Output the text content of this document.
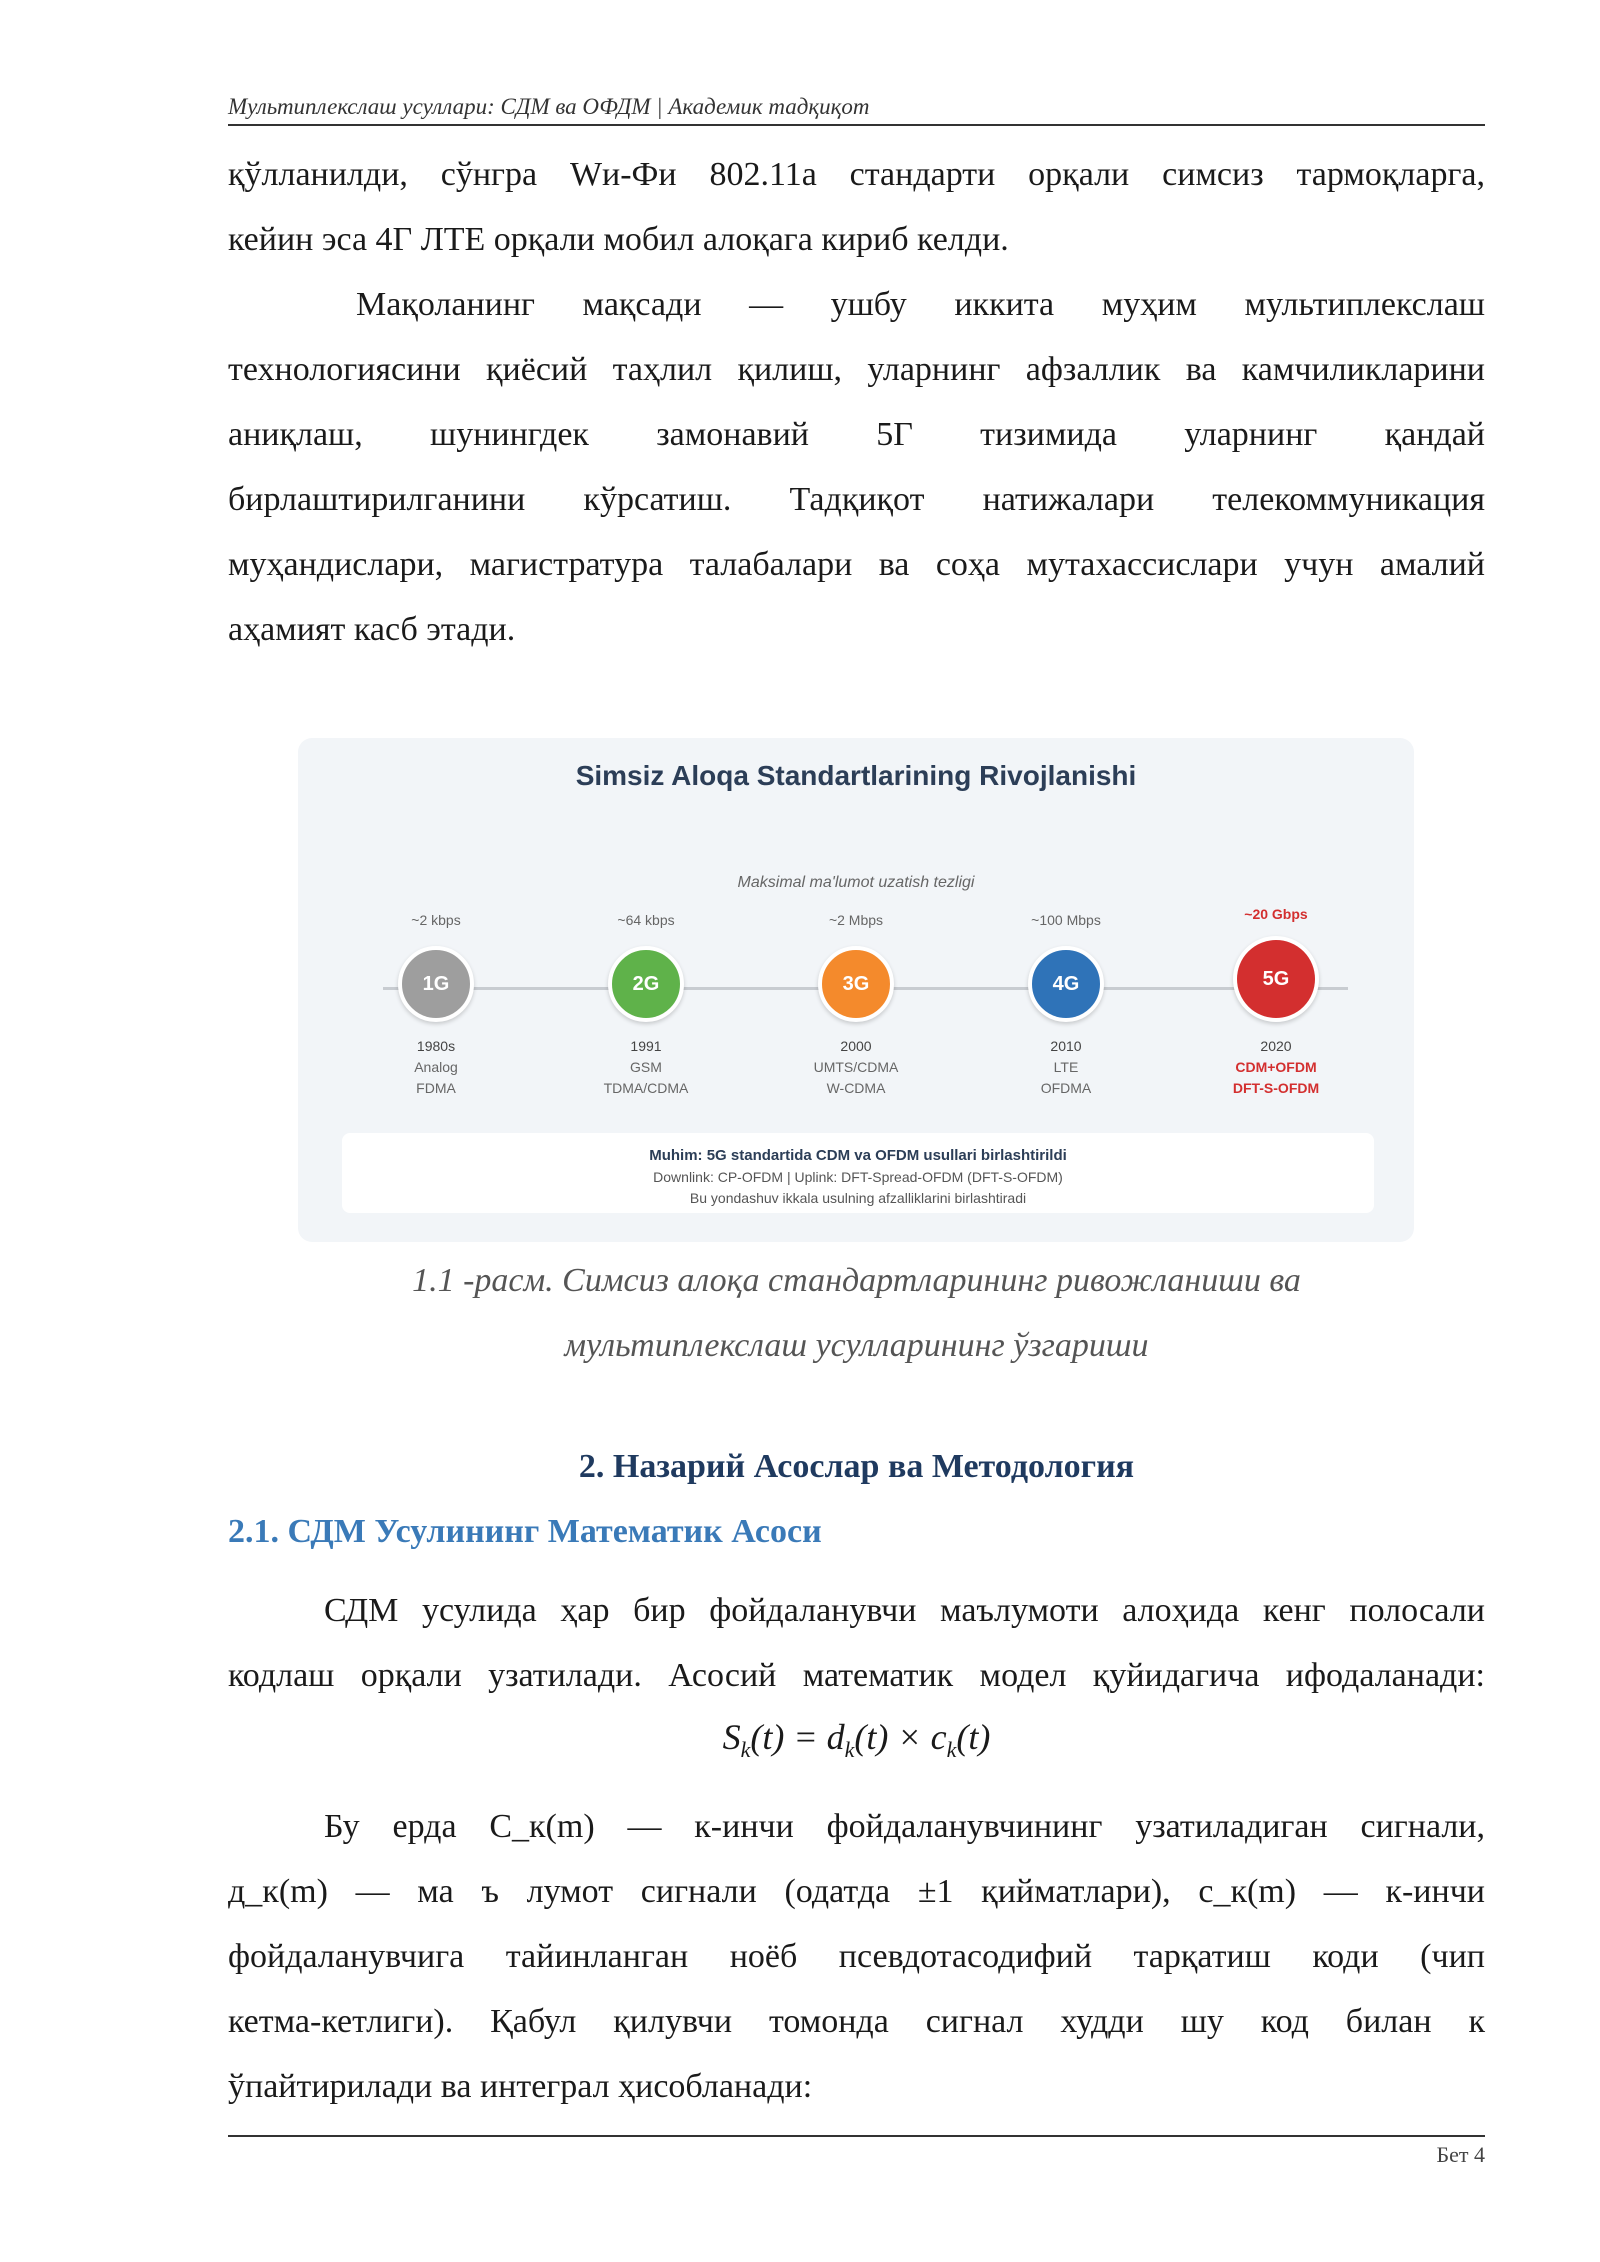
Мультиплекслаш усуллари: СДМ ва ОФДМ | Академик тадқиқот
қўлланилди, сўнгра Wи-Фи 802.11а стандарти орқали симсиз тармоқларга,
кейин эса 4Г ЛТЕ орқали мобил алоқага кириб келди.
Мақоланинг мақсади — ушбу иккита муҳим мультиплекслаш
технологиясини қиёсий таҳлил қилиш, уларнинг афзаллик ва камчиликларини
аниқлаш, шунингдек замонавий 5Г тизимида уларнинг қандай
бирлаштирилганини кўрсатиш. Тадқиқот натижалари телекоммуникация
муҳандислари, магистратура талабалари ва соҳа мутахассислари учун амалий
аҳамият касб этади.
Simsiz Aloqa Standartlarining Rivojlanishi
Maksimal ma'lumot uzatish tezligi
~2 kbps
1G
1980s
Analog
FDMA
~64 kbps
2G
1991
GSM
TDMA/CDMA
~2 Mbps
3G
2000
UMTS/CDMA
W-CDMA
~100 Mbps
4G
2010
LTE
OFDMA
~20 Gbps
5G
2020
CDM+OFDM
DFT-S-OFDM
Muhim: 5G standartida CDM va OFDM usullari birlashtirildi
Downlink: CP-OFDM | Uplink: DFT-Spread-OFDM (DFT-S-OFDM)
Bu yondashuv ikkala usulning afzalliklarini birlashtiradi
1.1 -расм. Симсиз алоқа стандартларининг ривожланиши ва
мультиплекслаш усулларининг ўзгариши
2. Назарий Асослар ва Методология
2.1. СДМ Усулининг Математик Асоси
СДМ усулида ҳар бир фойдаланувчи маълумоти алоҳида кенг полосали
кодлаш орқали узатилади. Асосий математик модел қуйидагича ифодаланади:
$S_k(t) = d_k(t) \times c_k(t)$
Бу ерда С_к(m) — к-инчи фойдаланувчининг узатиладиган сигнали,
д_к(m) — ма ъ лумот сигнали (одатда ±1 қийматлари), с_к(m) — к-инчи
фойдаланувчига тайинланган ноёб псевдотасодифий тарқатиш коди (чип
кетма-кетлиги). Қабул қилувчи томонда сигнал худди шу код билан к
ўпайтирилади ва интеграл ҳисобланади:
Бет 4
